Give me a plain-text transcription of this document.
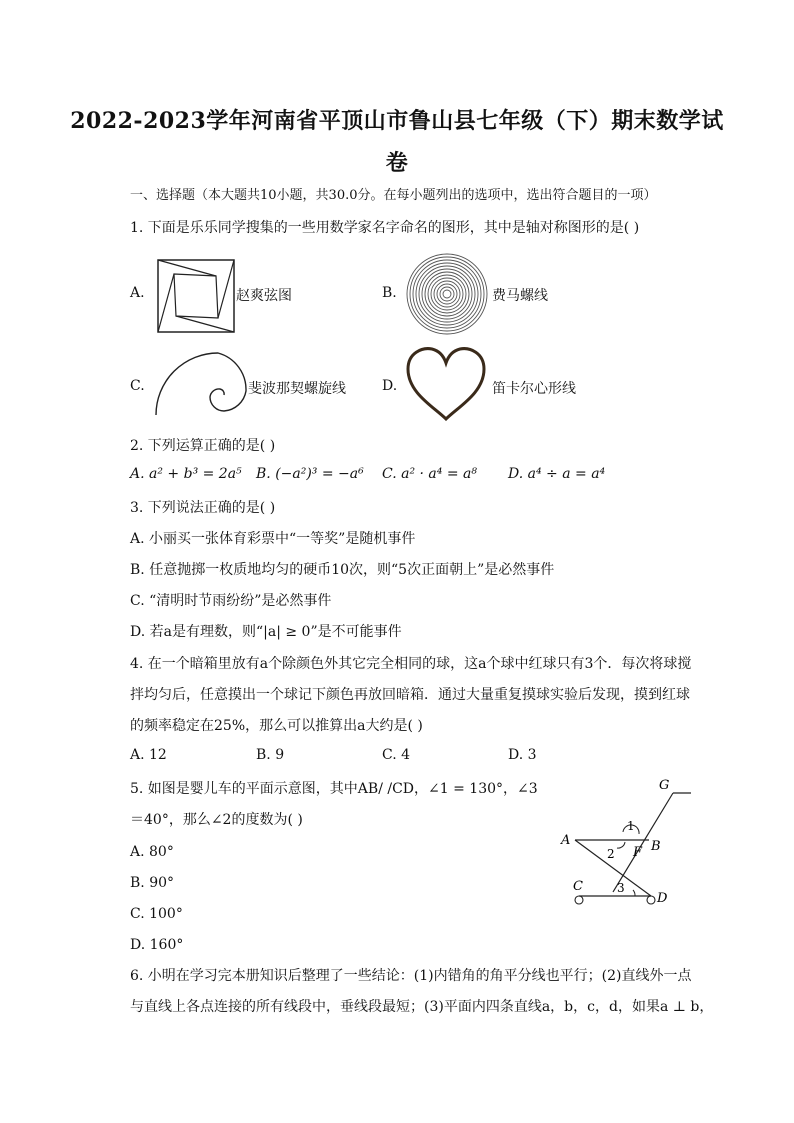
2022-2023学年河南省平顶山市鲁山县七年级（下）期末数学试
卷
一、选择题（本大题共10小题，共30.0分。在每小题列出的选项中，选出符合题目的一项）
1. 下面是乐乐同学搜集的一些用数学家名字命名的图形，其中是轴对称图形的是( )
A.	赵爽弦图	B.	费马螺线
C.	斐波那契螺旋线	D.	笛卡尔心形线
2. 下列运算正确的是( )
A. a² + b³ = 2a⁵ B. (−a²)³ = −a⁶ C. a² · a⁴ = a⁸ D. a⁴ ÷ a = a⁴
3. 下列说法正确的是( )
A. 小丽买一张体育彩票中“一等奖”是随机事件
B. 任意抛掷一枚质地均匀的硬币10次，则“5次正面朝上”是必然事件
C. “清明时节雨纷纷”是必然事件
D. 若a是有理数，则“|a| ≥ 0”是不可能事件
4. 在一个暗箱里放有a个除颜色外其它完全相同的球，这a个球中红球只有3个．每次将球搅
拌均匀后，任意摸出一个球记下颜色再放回暗箱．通过大量重复摸球实验后发现，摸到红球
的频率稳定在25%，那么可以推算出a大约是( )
A. 12	B. 9	C. 4	D. 3
5. 如图是婴儿车的平面示意图，其中AB/ /CD，∠1 = 130°，∠3
＝40°，那么∠2的度数为( )
A. 80°
B. 90°
C. 100°
D. 160°
G
A	B
C
D
F
1
2
3
6. 小明在学习完本册知识后整理了一些结论：(1)内错角的角平分线也平行；(2)直线外一点
与直线上各点连接的所有线段中，垂线段最短；(3)平面内四条直线a，b，c，d，如果a ⊥ b，
